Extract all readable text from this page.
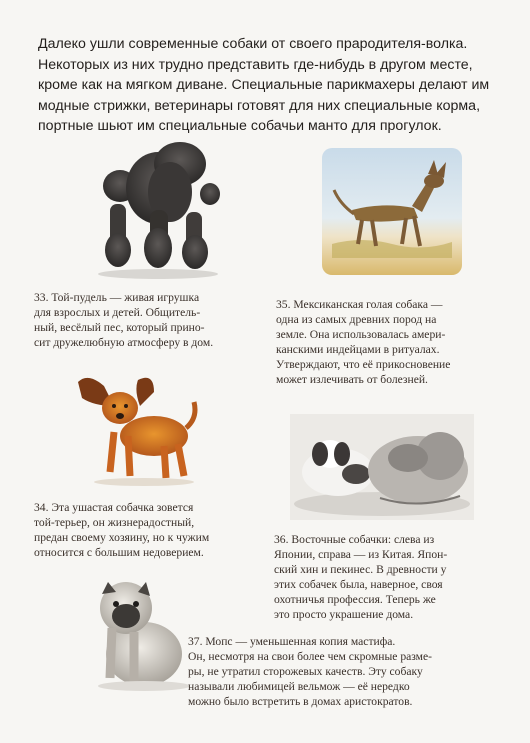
Далеко ушли современные собаки от своего прародителя-волка.
Некоторых из них трудно представить где-нибудь в другом месте,
кроме как на мягком диване. Специальные парикмахеры делают им
модные стрижки, ветеринары готовят для них специальные корма,
портные шьют им специальные собачьи манто для прогулок.
33. Той-пудель — живая игрушка
для взрослых и детей. Общитель-
ный, весёлый пес, который прино-
сит дружелюбную атмосферу в дом.
35. Мексиканская голая собака —
одна из самых древних пород на
земле. Она использовалась амери-
канскими индейцами в ритуалах.
Утверждают, что её прикосновение
может излечивать от болезней.
34. Эта ушастая собачка зовется
той-терьер, он жизнерадостный,
предан своему хозяину, но к чужим
относится с большим недоверием.
36. Восточные собачки: слева из
Японии, справа — из Китая. Япон-
ский хин и пекинес. В древности у
этих собачек была, наверное, своя
охотничья профессия. Теперь же
это просто украшение дома.
37. Мопс — уменьшенная копия мастифа.
Он, несмотря на свои более чем скромные разме-
ры, не утратил сторожевых качеств. Эту собаку
называли любимицей вельмож — её нередко
можно было встретить в домах аристократов.
